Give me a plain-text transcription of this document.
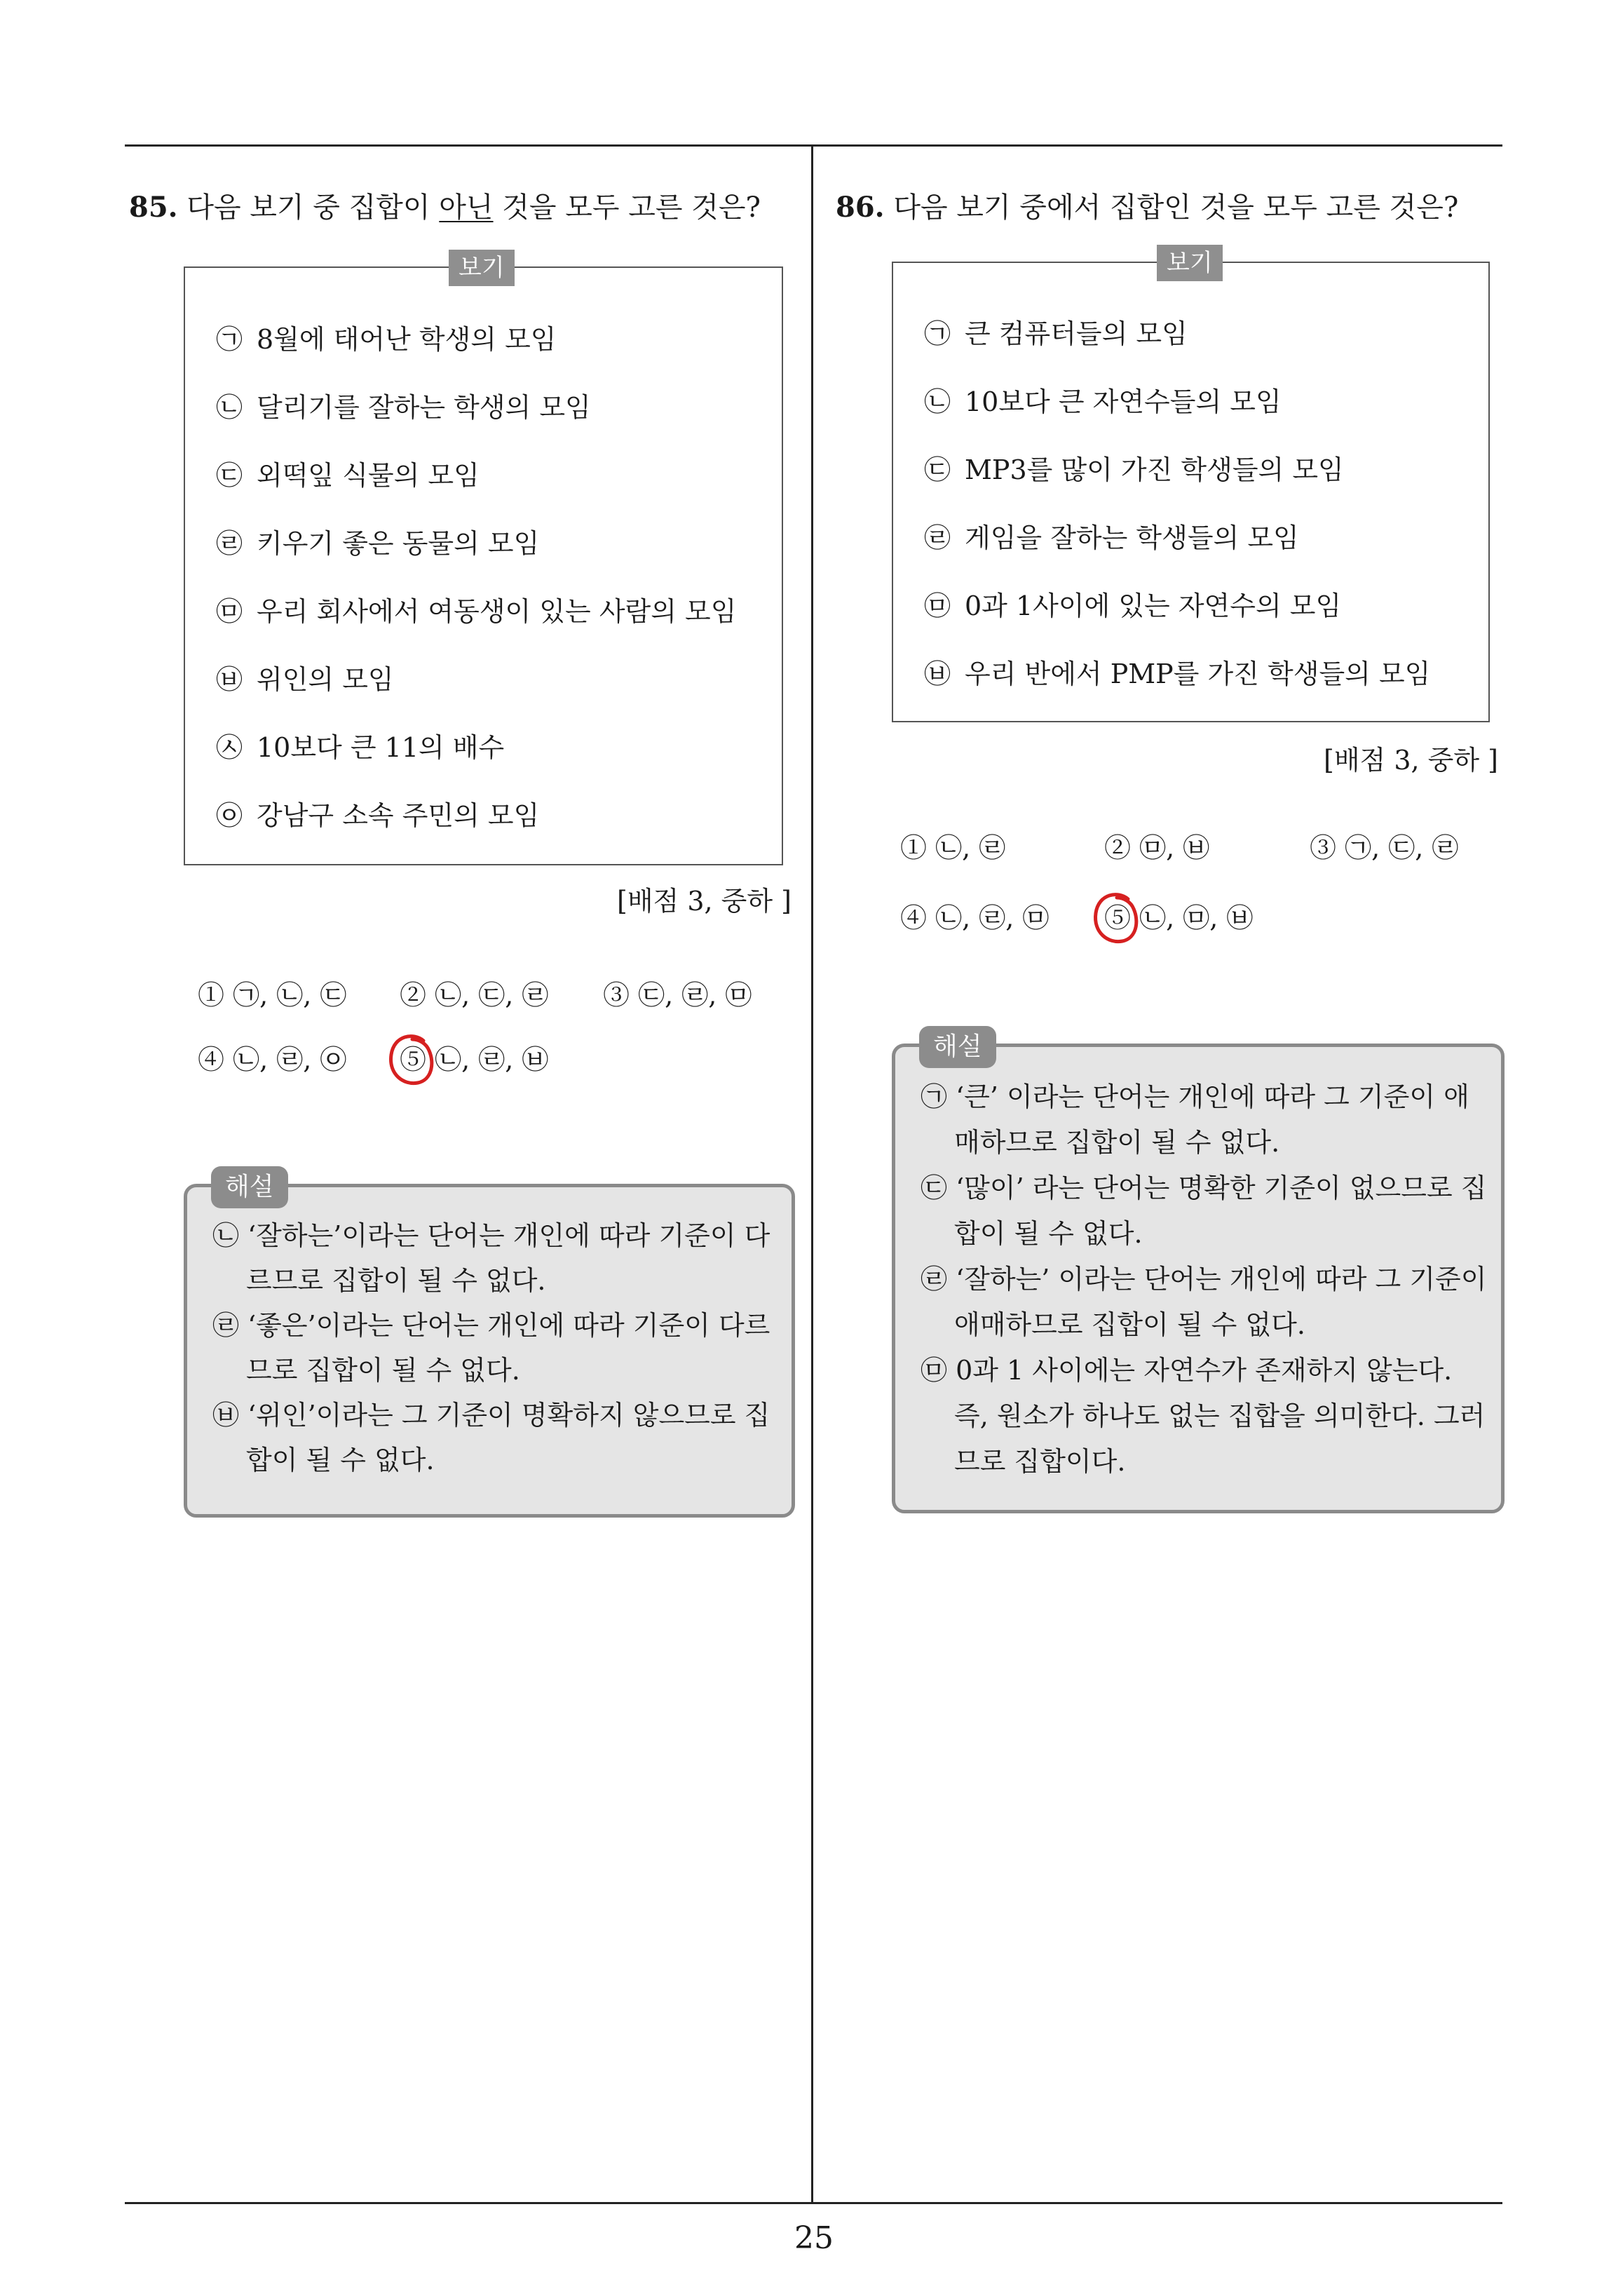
85. 다음 보기 중 집합이 아닌 것을 모두 고른 것은?
보기
㉠ 8월에 태어난 학생의 모임
㉡ 달리기를 잘하는 학생의 모임
㉢ 외떡잎 식물의 모임
㉣ 키우기 좋은 동물의 모임
㉤ 우리 회사에서 여동생이 있는 사람의 모임
㉥ 위인의 모임
㉦ 10보다 큰 11의 배수
㉧ 강남구 소속 주민의 모임
[배점 3, 중하 ]
① ㉠, ㉡, ㉢ ② ㉡, ㉢, ㉣ ③ ㉢, ㉣, ㉤
④ ㉡, ㉣, ㉧ ⑤ ㉡, ㉣, ㉥
해설
㉡ ‘잘하는’이라는 단어는 개인에 따라 기준이 다
르므로 집합이 될 수 없다.
㉣ ‘좋은’이라는 단어는 개인에 따라 기준이 다르
므로 집합이 될 수 없다.
㉥ ‘위인’이라는 그 기준이 명확하지 않으므로 집
합이 될 수 없다.
86. 다음 보기 중에서 집합인 것을 모두 고른 것은?
보기
㉠ 큰 컴퓨터들의 모임
㉡ 10보다 큰 자연수들의 모임
㉢ MP3를 많이 가진 학생들의 모임
㉣ 게임을 잘하는 학생들의 모임
㉤ 0과 1사이에 있는 자연수의 모임
㉥ 우리 반에서 PMP를 가진 학생들의 모임
[배점 3, 중하 ]
① ㉡, ㉣	② ㉤, ㉥	③ ㉠, ㉢, ㉣
④ ㉡, ㉣, ㉤ ⑤ ㉡, ㉤, ㉥
해설
㉠ ‘큰’ 이라는 단어는 개인에 따라 그 기준이 애
매하므로 집합이 될 수 없다.
㉢ ‘많이’ 라는 단어는 명확한 기준이 없으므로 집
합이 될 수 없다.
㉣ ‘잘하는’ 이라는 단어는 개인에 따라 그 기준이
애매하므로 집합이 될 수 없다.
㉤ 0과 1 사이에는 자연수가 존재하지 않는다.
즉, 원소가 하나도 없는 집합을 의미한다. 그러
므로 집합이다.
25
